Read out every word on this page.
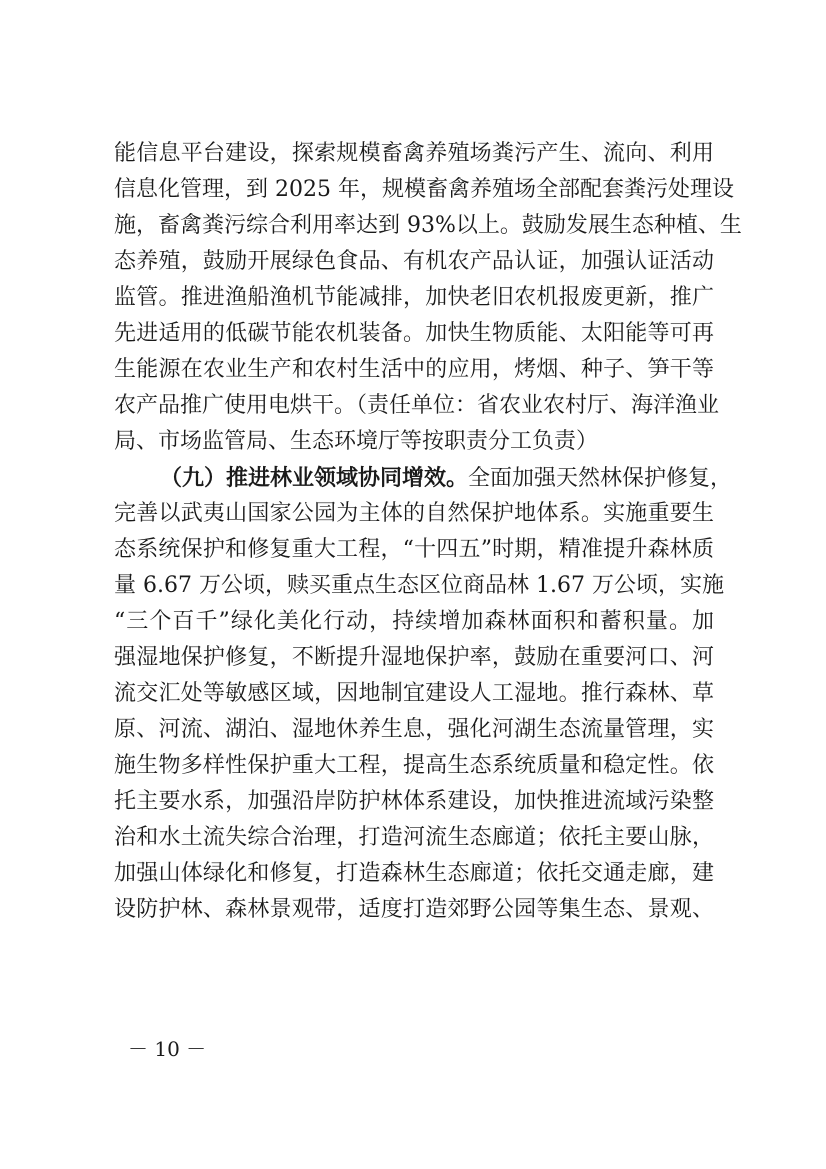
能信息平台建设，探索规模畜禽养殖场粪污产生、流向、利用
信息化管理，到 2025 年，规模畜禽养殖场全部配套粪污处理设
施，畜禽粪污综合利用率达到 93%以上。鼓励发展生态种植、生
态养殖，鼓励开展绿色食品、有机农产品认证，加强认证活动
监管。推进渔船渔机节能减排，加快老旧农机报废更新，推广
先进适用的低碳节能农机装备。加快生物质能、太阳能等可再
生能源在农业生产和农村生活中的应用，烤烟、种子、笋干等
农产品推广使用电烘干。（责任单位：省农业农村厅、海洋渔业
局、市场监管局、生态环境厅等按职责分工负责）
（九）推进林业领域协同增效。全面加强天然林保护修复，
完善以武夷山国家公园为主体的自然保护地体系。实施重要生
态系统保护和修复重大工程，“十四五”时期，精准提升森林质
量 6.67 万公顷，赎买重点生态区位商品林 1.67 万公顷，实施
“三个百千”绿化美化行动，持续增加森林面积和蓄积量。加
强湿地保护修复，不断提升湿地保护率，鼓励在重要河口、河
流交汇处等敏感区域，因地制宜建设人工湿地。推行森林、草
原、河流、湖泊、湿地休养生息，强化河湖生态流量管理，实
施生物多样性保护重大工程，提高生态系统质量和稳定性。依
托主要水系，加强沿岸防护林体系建设，加快推进流域污染整
治和水土流失综合治理，打造河流生态廊道；依托主要山脉，
加强山体绿化和修复，打造森林生态廊道；依托交通走廊，建
设防护林、森林景观带，适度打造郊野公园等集生态、景观、
－ 10 －
